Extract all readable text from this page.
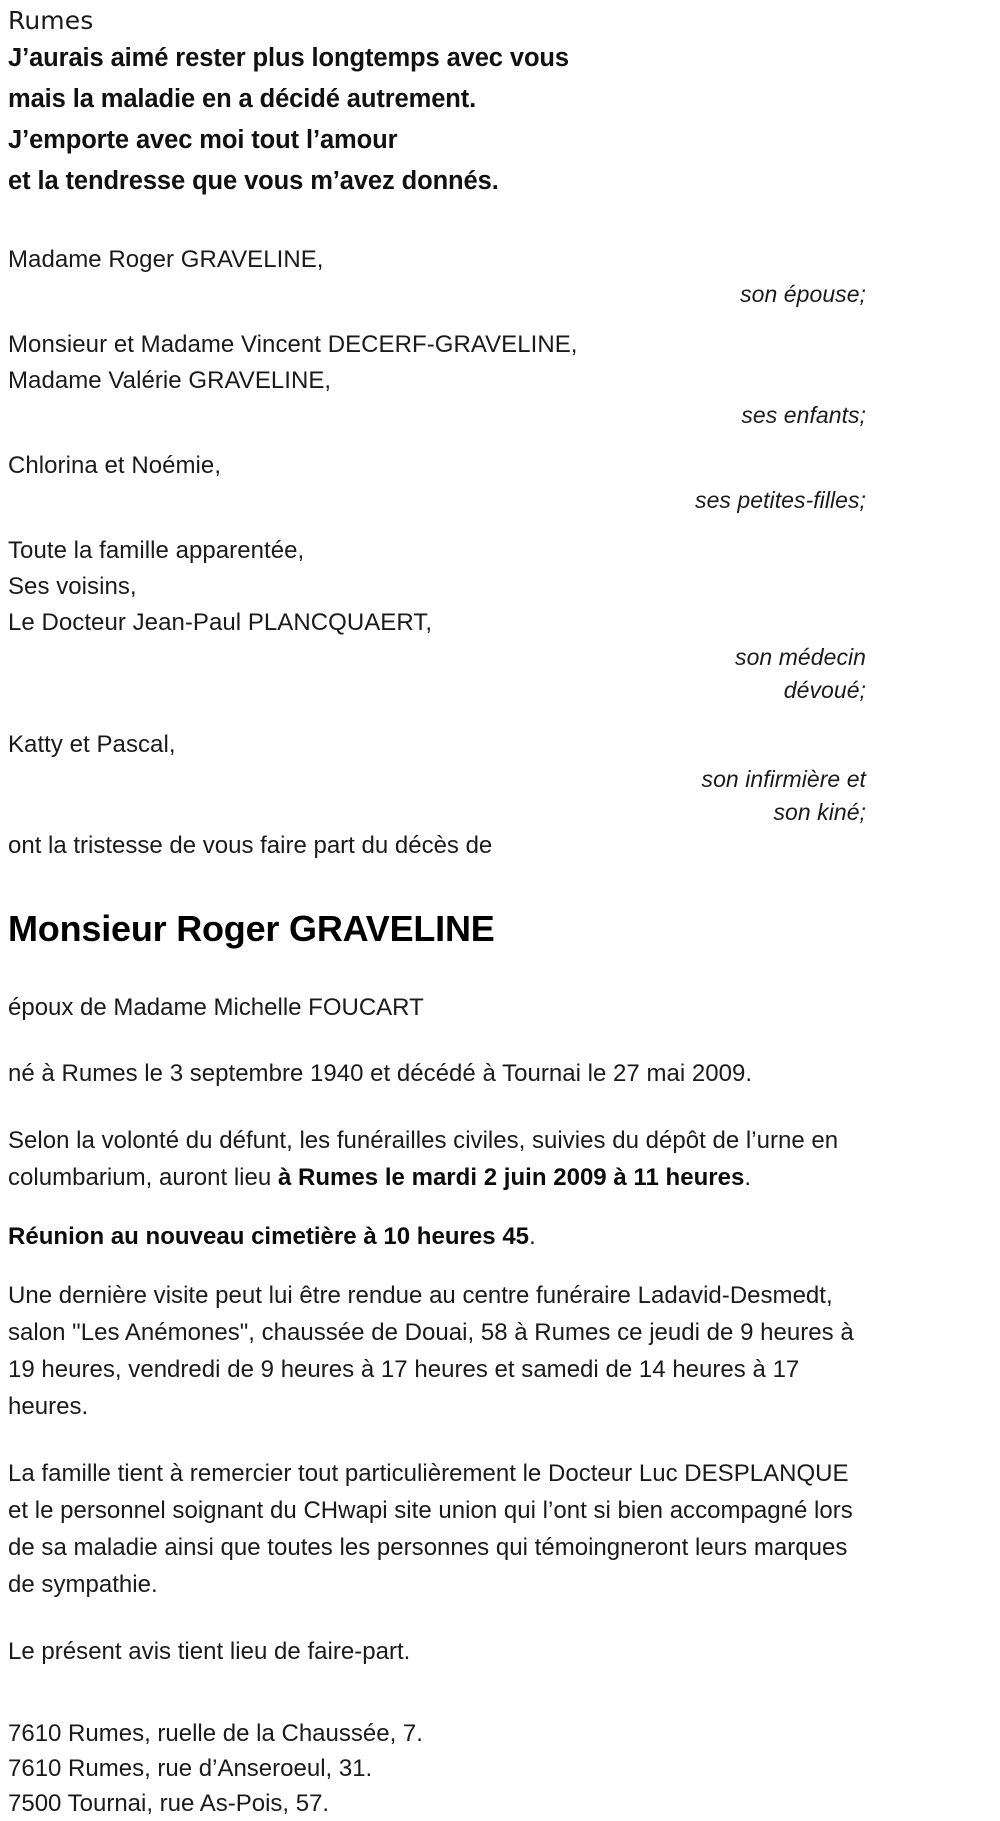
Rumes
J’aurais aimé rester plus longtemps avec vous
mais la maladie en a décidé autrement.
J’emporte avec moi tout l’amour
et la tendresse que vous m’avez donnés.
Madame Roger GRAVELINE,
son épouse;
Monsieur et Madame Vincent DECERF-GRAVELINE,
Madame Valérie GRAVELINE,
ses enfants;
Chlorina et Noémie,
ses petites-filles;
Toute la famille apparentée,
Ses voisins,
Le Docteur Jean-Paul PLANCQUAERT,
son médecin
dévoué;
Katty et Pascal,
son infirmière et
son kiné;
ont la tristesse de vous faire part du décès de
Monsieur Roger GRAVELINE
époux de Madame Michelle FOUCART
né à Rumes le 3 septembre 1940 et décédé à Tournai le 27 mai 2009.
Selon la volonté du défunt, les funérailles civiles, suivies du dépôt de l’urne en columbarium, auront lieu à Rumes le mardi 2 juin 2009 à 11 heures.
Réunion au nouveau cimetière à 10 heures 45.
Une dernière visite peut lui être rendue au centre funéraire Ladavid-Desmedt, salon "Les Anémones", chaussée de Douai, 58 à Rumes ce jeudi de 9 heures à 19 heures, vendredi de 9 heures à 17 heures et samedi de 14 heures à 17 heures.
La famille tient à remercier tout particulièrement le Docteur Luc DESPLANQUE et le personnel soignant du CHwapi site union qui l’ont si bien accompagné lors de sa maladie ainsi que toutes les personnes qui témoingneront leurs marques de sympathie.
Le présent avis tient lieu de faire-part.
7610 Rumes, ruelle de la Chaussée, 7.
7610 Rumes, rue d’Anseroeul, 31.
7500 Tournai, rue As-Pois, 57.
